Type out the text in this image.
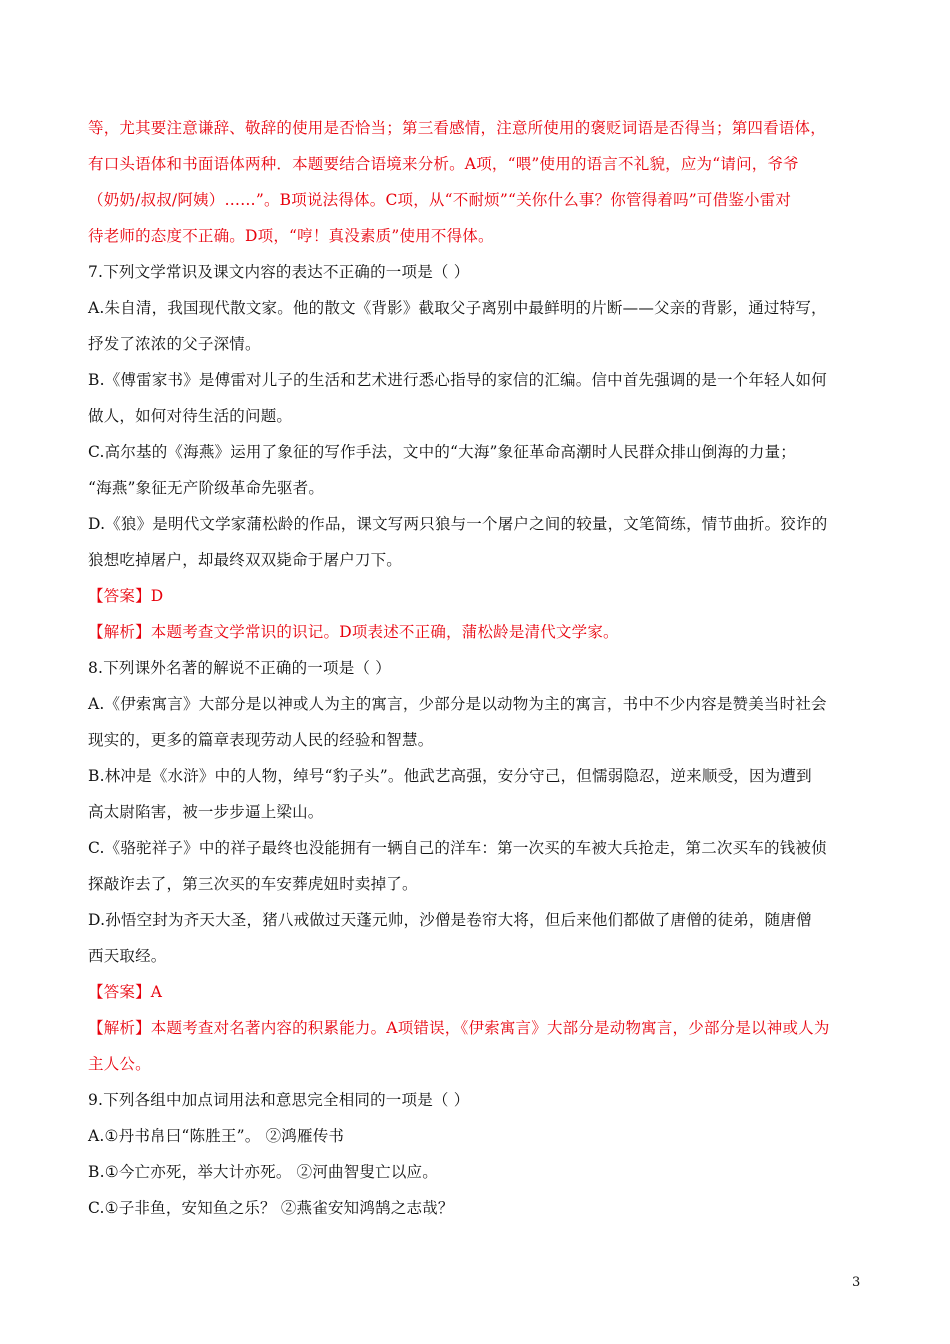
等，尤其要注意谦辞、敬辞的使用是否恰当；第三看感情，注意所使用的褒贬词语是否得当；第四看语体，
有口头语体和书面语体两种．本题要结合语境来分析。A项，“喂”使用的语言不礼貌，应为“请问，爷爷
（奶奶/叔叔/阿姨）……”。B项说法得体。C项，从“不耐烦”“关你什么事？你管得着吗”可借鉴小雷对
待老师的态度不正确。D项，“哼！真没素质”使用不得体。
7.下列文学常识及课文内容的表达不正确的一项是（ ）
A.朱自清，我国现代散文家。他的散文《背影》截取父子离别中最鲜明的片断——父亲的背影，通过特写，
抒发了浓浓的父子深情。
B.《傅雷家书》是傅雷对儿子的生活和艺术进行悉心指导的家信的汇编。信中首先强调的是一个年轻人如何
做人，如何对待生活的问题。
C.高尔基的《海燕》运用了象征的写作手法，文中的“大海”象征革命高潮时人民群众排山倒海的力量；
“海燕”象征无产阶级革命先驱者。
D.《狼》是明代文学家蒲松龄的作品，课文写两只狼与一个屠户之间的较量，文笔简练，情节曲折。狡诈的
狼想吃掉屠户，却最终双双毙命于屠户刀下。
【答案】D
【解析】本题考查文学常识的识记。D项表述不正确，蒲松龄是清代文学家。
8.下列课外名著的解说不正确的一项是（ ）
A.《伊索寓言》大部分是以神或人为主的寓言，少部分是以动物为主的寓言，书中不少内容是赞美当时社会
现实的，更多的篇章表现劳动人民的经验和智慧。
B.林冲是《水浒》中的人物，绰号“豹子头”。他武艺高强，安分守己，但懦弱隐忍，逆来顺受，因为遭到
高太尉陷害，被一步步逼上梁山。
C.《骆驼祥子》中的祥子最终也没能拥有一辆自己的洋车：第一次买的车被大兵抢走，第二次买车的钱被侦
探敲诈去了，第三次买的车安葬虎妞时卖掉了。
D.孙悟空封为齐天大圣，猪八戒做过天蓬元帅，沙僧是卷帘大将，但后来他们都做了唐僧的徒弟，随唐僧
西天取经。
【答案】A
【解析】本题考查对名著内容的积累能力。A项错误，《伊索寓言》大部分是动物寓言，少部分是以神或人为
主人公。
9.下列各组中加点词用法和意思完全相同的一项是（ ）
A.①丹书帛曰“陈胜王”。 ②鸿雁传书
B.①今亡亦死，举大计亦死。 ②河曲智叟亡以应。
C.①子非鱼，安知鱼之乐？ ②燕雀安知鸿鹄之志哉？
3
